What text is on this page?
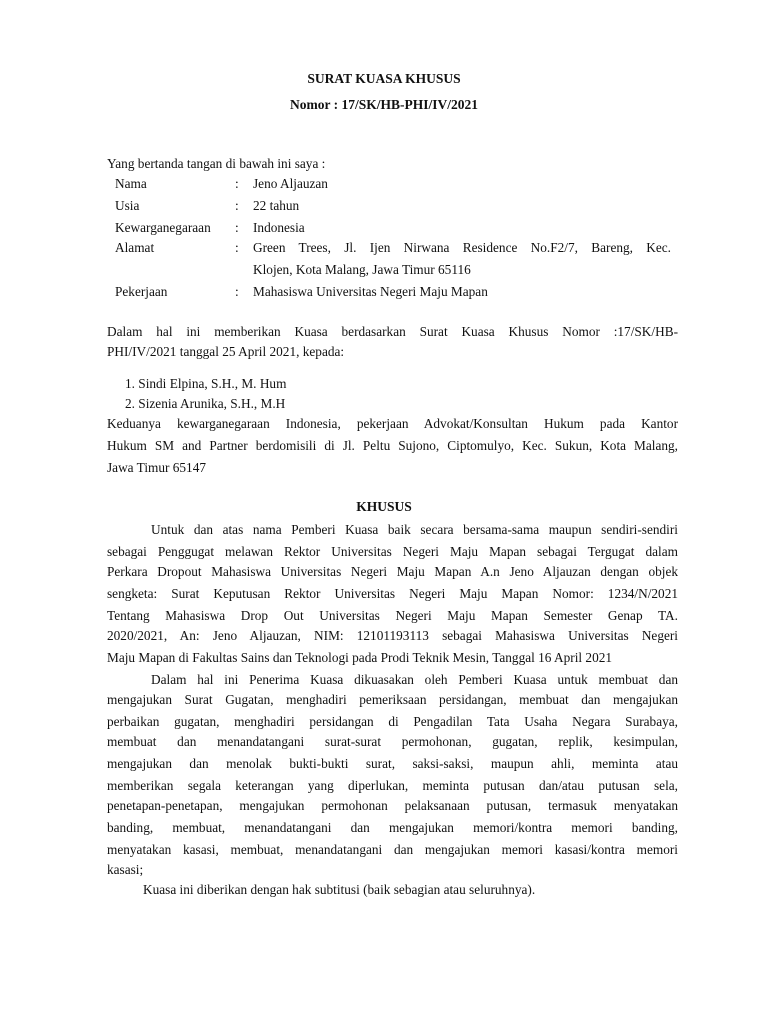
SURAT KUASA KHUSUS
Nomor : 17/SK/HB-PHI/IV/2021
Yang bertanda tangan di bawah ini saya :
Nama	: Jeno Aljauzan
Usia	: 22 tahun
Kewarganegaraan : Indonesia
Alamat	: Green Trees, Jl. Ijen Nirwana Residence No.F2/7, Bareng, Kec.
Klojen, Kota Malang, Jawa Timur 65116
Pekerjaan	: Mahasiswa Universitas Negeri Maju Mapan
Dalam hal ini memberikan Kuasa berdasarkan Surat Kuasa Khusus Nomor :17/SK/HB-
PHI/IV/2021 tanggal 25 April 2021, kepada:
1. Sindi Elpina, S.H., M. Hum
2. Sizenia Arunika, S.H., M.H
Keduanya kewarganegaraan Indonesia, pekerjaan Advokat/Konsultan Hukum pada Kantor
Hukum SM and Partner berdomisili di Jl. Peltu Sujono, Ciptomulyo, Kec. Sukun, Kota Malang,
Jawa Timur 65147
KHUSUS
Untuk dan atas nama Pemberi Kuasa baik secara bersama-sama maupun sendiri-sendiri
sebagai Penggugat melawan Rektor Universitas Negeri Maju Mapan sebagai Tergugat dalam
Perkara Dropout Mahasiswa Universitas Negeri Maju Mapan A.n Jeno Aljauzan dengan objek
sengketa: Surat Keputusan Rektor Universitas Negeri Maju Mapan Nomor: 1234/N/2021
Tentang Mahasiswa Drop Out Universitas Negeri Maju Mapan Semester Genap TA.
2020/2021, An: Jeno Aljauzan, NIM: 12101193113 sebagai Mahasiswa Universitas Negeri
Maju Mapan di Fakultas Sains dan Teknologi pada Prodi Teknik Mesin, Tanggal 16 April 2021
Dalam hal ini Penerima Kuasa dikuasakan oleh Pemberi Kuasa untuk membuat dan
mengajukan Surat Gugatan, menghadiri pemeriksaan persidangan, membuat dan mengajukan
perbaikan gugatan, menghadiri persidangan di Pengadilan Tata Usaha Negara Surabaya,
membuat dan menandatangani surat-surat permohonan, gugatan, replik, kesimpulan,
mengajukan dan menolak bukti-bukti surat, saksi-saksi, maupun ahli, meminta atau
memberikan segala keterangan yang diperlukan, meminta putusan dan/atau putusan sela,
penetapan-penetapan, mengajukan permohonan pelaksanaan putusan, termasuk menyatakan
banding, membuat, menandatangani dan mengajukan memori/kontra memori banding,
menyatakan kasasi, membuat, menandatangani dan mengajukan memori kasasi/kontra memori
kasasi;
Kuasa ini diberikan dengan hak subtitusi (baik sebagian atau seluruhnya).
